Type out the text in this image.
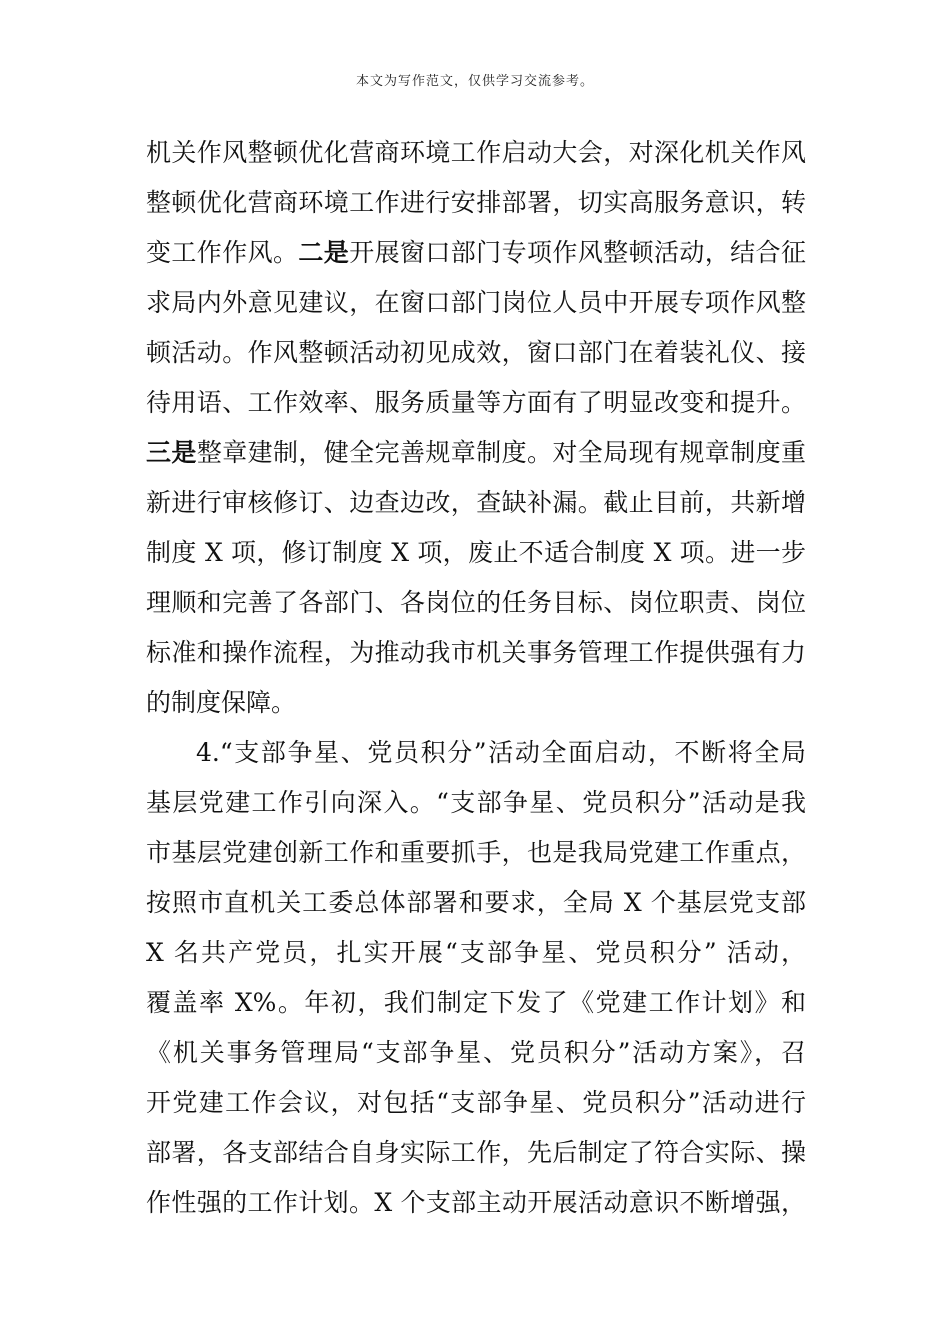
本文为写作范文，仅供学习交流参考。
机关作风整顿优化营商环境工作启动大会，对深化机关作风
整顿优化营商环境工作进行安排部署，切实高服务意识，转
变工作作风。二是开展窗口部门专项作风整顿活动，结合征
求局内外意见建议，在窗口部门岗位人员中开展专项作风整
顿活动。作风整顿活动初见成效，窗口部门在着装礼仪、接
待用语、工作效率、服务质量等方面有了明显改变和提升。
三是整章建制，健全完善规章制度。对全局现有规章制度重
新进行审核修订、边查边改，查缺补漏。截止目前，共新增
制度 X 项，修订制度 X 项，废止不适合制度 X 项。进一步
理顺和完善了各部门、各岗位的任务目标、岗位职责、岗位
标准和操作流程，为推动我市机关事务管理工作提供强有力
的制度保障。
4.“支部争星、党员积分”活动全面启动，不断将全局
基层党建工作引向深入。“支部争星、党员积分”活动是我
市基层党建创新工作和重要抓手，也是我局党建工作重点，
按照市直机关工委总体部署和要求，全局 X 个基层党支部
X 名共产党员，扎实开展“支部争星、党员积分” 活动，
覆盖率 X%。年初，我们制定下发了《党建工作计划》和
《机关事务管理局“支部争星、党员积分”活动方案》，召
开党建工作会议，对包括“支部争星、党员积分”活动进行
部署，各支部结合自身实际工作，先后制定了符合实际、操
作性强的工作计划。X 个支部主动开展活动意识不断增强，
